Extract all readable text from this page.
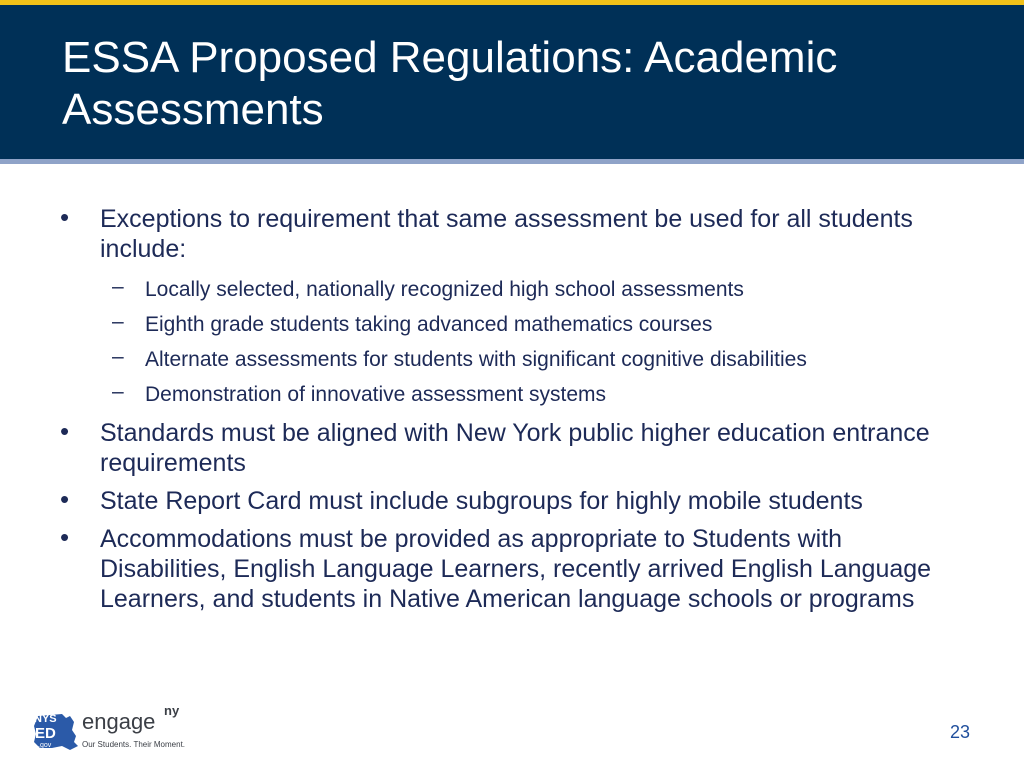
ESSA Proposed Regulations: Academic Assessments
• Exceptions to requirement that same assessment be used for all students include:
– Locally selected, nationally recognized high school assessments
– Eighth grade students taking advanced mathematics courses
– Alternate assessments for students with significant cognitive disabilities
– Demonstration of innovative assessment systems
• Standards must be aligned with New York public higher education entrance requirements
• State Report Card must include subgroups for highly mobile students
• Accommodations must be provided as appropriate to Students with Disabilities, English Language Learners, recently arrived English Language Learners, and students in Native American language schools or programs
NYS
ED
.gov
engage ny
Our Students. Their Moment.
23
